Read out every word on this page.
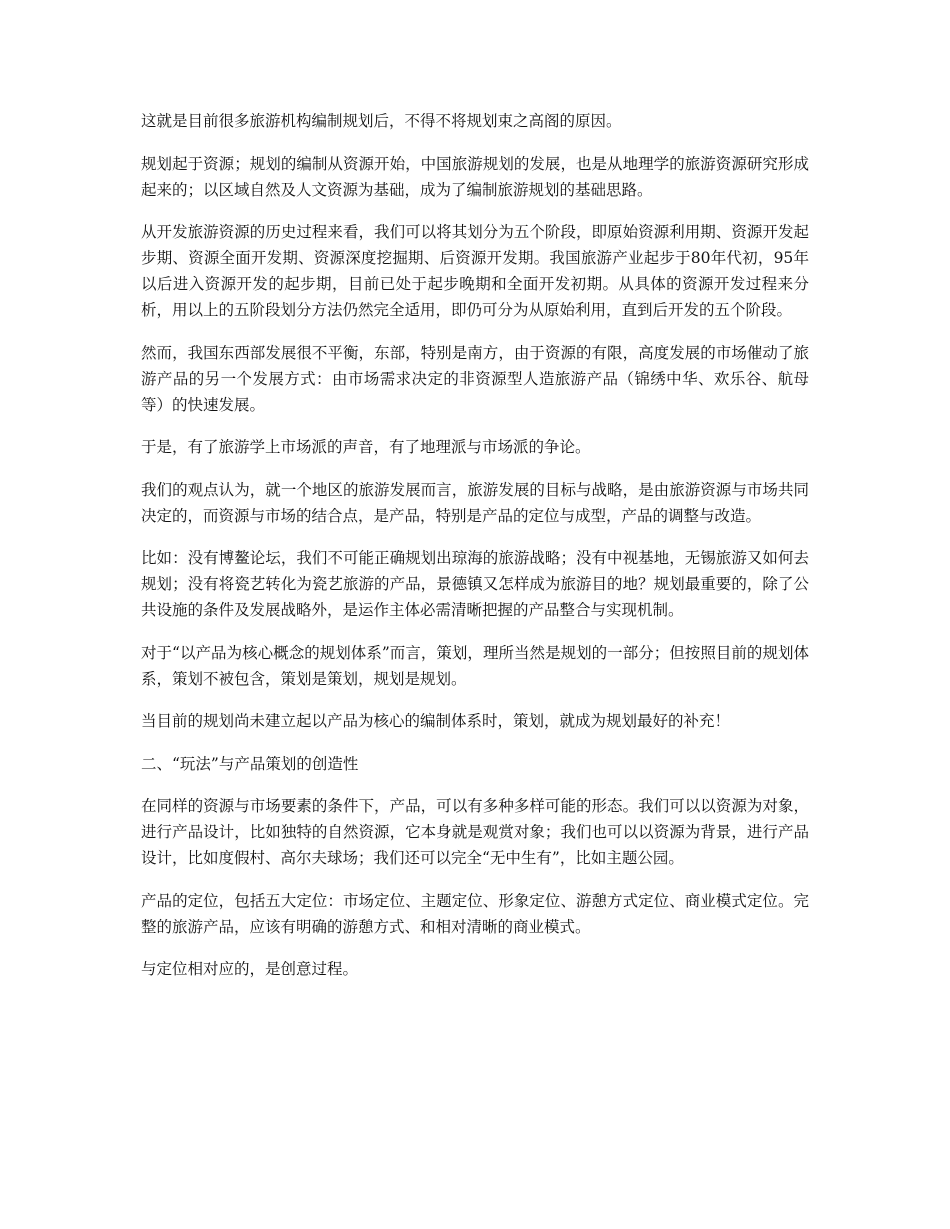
这就是目前很多旅游机构编制规划后，不得不将规划束之高阁的原因。

规划起于资源；规划的编制从资源开始，中国旅游规划的发展，也是从地理学的旅游资源研究形成起来的；以区域自然及人文资源为基础，成为了编制旅游规划的基础思路。

从开发旅游资源的历史过程来看，我们可以将其划分为五个阶段，即原始资源利用期、资源开发起步期、资源全面开发期、资源深度挖掘期、后资源开发期。我国旅游产业起步于80年代初，95年以后进入资源开发的起步期，目前已处于起步晚期和全面开发初期。从具体的资源开发过程来分析，用以上的五阶段划分方法仍然完全适用，即仍可分为从原始利用，直到后开发的五个阶段。

然而，我国东西部发展很不平衡，东部，特别是南方，由于资源的有限，高度发展的市场催动了旅游产品的另一个发展方式：由市场需求决定的非资源型人造旅游产品（锦绣中华、欢乐谷、航母等）的快速发展。

于是，有了旅游学上市场派的声音，有了地理派与市场派的争论。

我们的观点认为，就一个地区的旅游发展而言，旅游发展的目标与战略，是由旅游资源与市场共同决定的，而资源与市场的结合点，是产品，特别是产品的定位与成型，产品的调整与改造。

比如：没有博鳌论坛，我们不可能正确规划出琼海的旅游战略；没有中视基地，无锡旅游又如何去规划；没有将瓷艺转化为瓷艺旅游的产品，景德镇又怎样成为旅游目的地？规划最重要的，除了公共设施的条件及发展战略外，是运作主体必需清晰把握的产品整合与实现机制。

对于“以产品为核心概念的规划体系”而言，策划，理所当然是规划的一部分；但按照目前的规划体系，策划不被包含，策划是策划，规划是规划。

当目前的规划尚未建立起以产品为核心的编制体系时，策划，就成为规划最好的补充！

二、“玩法”与产品策划的创造性

在同样的资源与市场要素的条件下，产品，可以有多种多样可能的形态。我们可以以资源为对象，进行产品设计，比如独特的自然资源，它本身就是观赏对象；我们也可以以资源为背景，进行产品设计，比如度假村、高尔夫球场；我们还可以完全“无中生有”，比如主题公园。

产品的定位，包括五大定位：市场定位、主题定位、形象定位、游憩方式定位、商业模式定位。完整的旅游产品，应该有明确的游憩方式、和相对清晰的商业模式。

与定位相对应的，是创意过程。
